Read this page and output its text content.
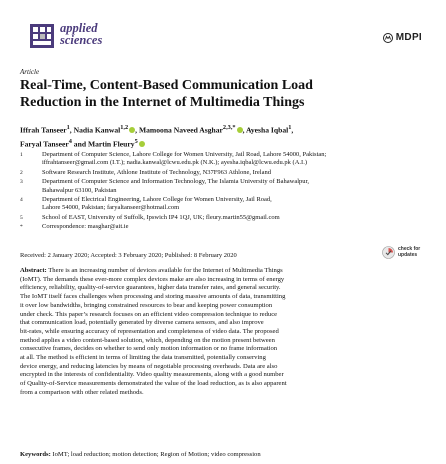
applied
sciences	MDPI
Article
Real-Time, Content-Based Communication Load
Reduction in the Internet of Multimedia Things
Iffrah Tanseer$^1$, Nadia Kanwal$^{1,2}$ , Mamoona Naveed Asghar$^{2,3,*}$ , Ayesha Iqbal$^1$,
Faryal Tanseer$^4$ and Martin Fleury$^5$
1	Department of Computer Science, Lahore College for Women University, Jail Road, Lahore 54000, Pakistan;
iffrahtanseer@gmail.com (I.T.); nadia.kanwal@lcwu.edu.pk (N.K.); ayesha.iqbal@lcwu.edu.pk (A.I.)
2	Software Research Institute, Athlone Institute of Technology, N37F963 Athlone, Ireland
3	Department of Computer Science and Information Technology, The Islamia University of Bahawalpur,
Bahawalpur 63100, Pakistan
4	Department of Electrical Engineering, Lahore College for Women University, Jail Road,
Lahore 54000, Pakistan; faryaltanseer@hotmail.com
5	School of EAST, University of Suffolk, Ipswich IP4 1QJ, UK; fleury.martin55@gmail.com
*	Correspondence: masghar@ait.ie
Received: 2 January 2020; Accepted: 3 February 2020; Published: 8 February 2020
check for
updates
Abstract: There is an increasing number of devices available for the Internet of Multimedia Things
(IoMT). The demands these ever-more complex devices make are also increasing in terms of energy
efficiency, reliability, quality-of-service guarantees, higher data transfer rates, and general security.
The IoMT itself faces challenges when processing and storing massive amounts of data, transmitting
it over low bandwidths, bringing constrained resources to bear and keeping power consumption
under check. This paper’s research focuses on an efficient video compression technique to reduce
that communication load, potentially generated by diverse camera sensors, and also improve
bit-rates, while ensuring accuracy of representation and completeness of video data. The proposed
method applies a video content-based solution, which, depending on the motion present between
consecutive frames, decides on whether to send only motion information or no frame information
at all. The method is efficient in terms of limiting the data transmitted, potentially conserving
device energy, and reducing latencies by means of negotiable processing overheads. Data are also
encrypted in the interests of confidentiality. Video quality measurements, along with a good number
of Quality-of-Service measurements demonstrated the value of the load reduction, as is also apparent
from a comparison with other related methods.
Keywords: IoMT; load reduction; motion detection; Region of Motion; video compression
